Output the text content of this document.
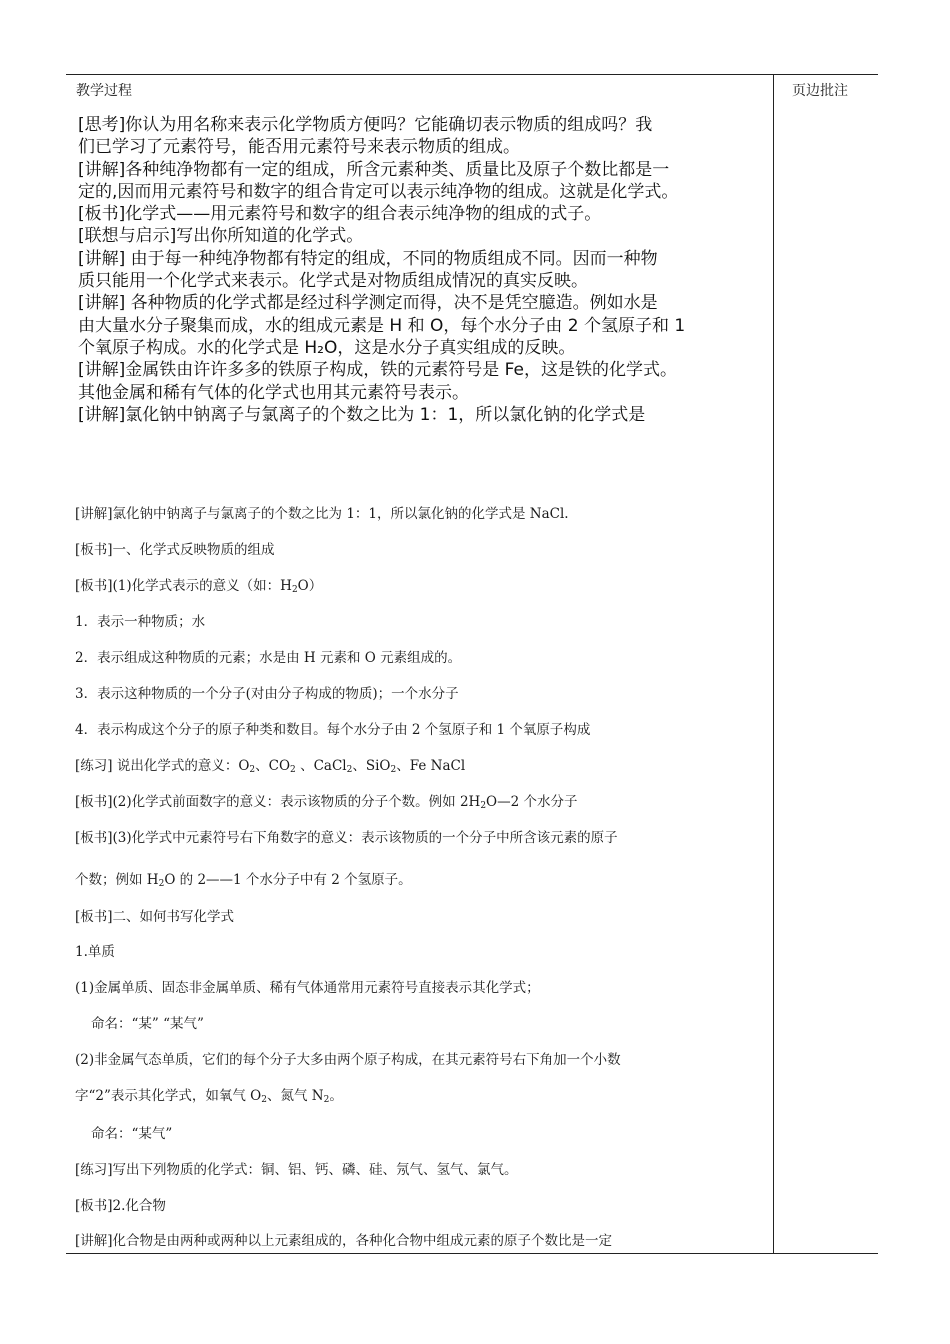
教学过程	页边批注
[思考]你认为用名称来表示化学物质方便吗？它能确切表示物质的组成吗？我
们已学习了元素符号，能否用元素符号来表示物质的组成。
[讲解]各种纯净物都有一定的组成，所含元素种类、质量比及原子个数比都是一
定的,因而用元素符号和数字的组合肯定可以表示纯净物的组成。这就是化学式。
[板书]化学式——用元素符号和数字的组合表示纯净物的组成的式子。
[联想与启示]写出你所知道的化学式。
[讲解] 由于每一种纯净物都有特定的组成，不同的物质组成不同。因而一种物
质只能用一个化学式来表示。化学式是对物质组成情况的真实反映。
[讲解] 各种物质的化学式都是经过科学测定而得，决不是凭空臆造。例如水是
由大量水分子聚集而成，水的组成元素是 H 和 O，每个水分子由 2 个氢原子和 1
个氧原子构成。水的化学式是 H₂O，这是水分子真实组成的反映。
[讲解]金属铁由许许多多的铁原子构成，铁的元素符号是 Fe，这是铁的化学式。
其他金属和稀有气体的化学式也用其元素符号表示。
[讲解]氯化钠中钠离子与氯离子的个数之比为 1：1，所以氯化钠的化学式是
[讲解]氯化钠中钠离子与氯离子的个数之比为 1：1，所以氯化钠的化学式是 NaCl.
[板书]一、化学式反映物质的组成
[板书](1)化学式表示的意义（如：$H_2O$）
1．表示一种物质；水
2．表示组成这种物质的元素；水是由 H 元素和 O 元素组成的。
3．表示这种物质的一个分子(对由分子构成的物质)；一个水分子
4．表示构成这个分子的原子种类和数目。每个水分子由 2 个氢原子和 1 个氧原子构成
[练习] 说出化学式的意义：$O_2$、$CO_2$ 、CaCl$_2$、SiO$_2$、Fe NaCl
[板书](2)化学式前面数字的意义：表示该物质的分子个数。例如 $2H_2O—2$ 个水分子
[板书](3)化学式中元素符号右下角数字的意义：表示该物质的一个分子中所含该元素的原子
个数；例如 $H_2O$ 的 2——1 个水分子中有 2 个氢原子。
[板书]二、如何书写化学式
1.单质
(1)金属单质、固态非金属单质、稀有气体通常用元素符号直接表示其化学式；
命名：“某” “某气”
(2)非金属气态单质，它们的每个分子大多由两个原子构成，在其元素符号右下角加一个小数
字“2”表示其化学式，如氧气 $O_2$、氮气 $N_2$。
命名：“某气”
[练习]写出下列物质的化学式：铜、铝、钙、磷、硅、氖气、氢气、氯气。
[板书]2.化合物
[讲解]化合物是由两种或两种以上元素组成的，各种化合物中组成元素的原子个数比是一定
